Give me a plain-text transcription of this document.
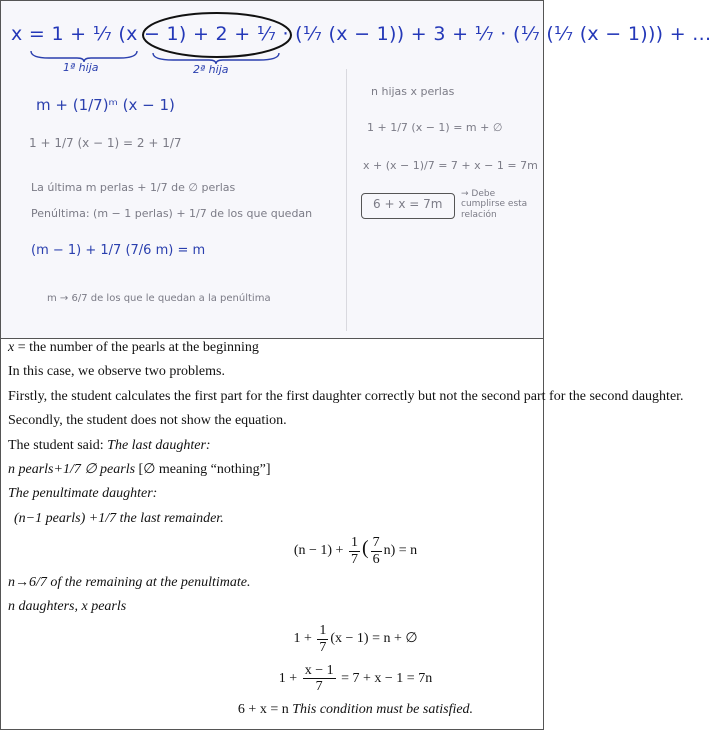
x = 1 + ¹⁄₇ (x − 1) + 2 + ¹⁄₇ · (¹⁄₇ (x − 1)) + 3 + ¹⁄₇ · (¹⁄₇ (¹⁄₇ (x − 1))) + ...
1ª hija	2ª hija
m + (1/7)ᵐ (x − 1)
1 + 1/7 (x − 1) = 2 + 1/7
La última m perlas + 1/7 de ∅ perlas
Penúltima: (m − 1 perlas) + 1/7 de los que quedan
(m − 1) + 1/7 (7/6 m) = m
m → 6/7 de los que le quedan a la penúltima
n hijas x perlas
1 + 1/7 (x − 1) = m + ∅
x + (x − 1)/7 = 7 + x − 1 = 7m
6 + x = 7m
→ Debe cumplirse esta relación

x = the number of the pearls at the beginning

In this case, we observe two problems.

Firstly, the student calculates the first part for the first daughter correctly but not the second part for the second daughter.

Secondly, the student does not show the equation.

The student said: The last daughter:

n pearls+1/7 ∅ pearls [∅ meaning “nothing”]

The penultimate daughter:

(n−1 pearls) +1/7 the last remainder.

$(n - 1) + \frac{1}{7}$ ( $\frac{7}{6} n) = n$

n→6/7 of the remaining at the penultimate.

n daughters, x pearls

$1 + \frac{1}{7} (x - 1) = n$ + ∅

$1 + \frac{x - 1}{7} = 7 + x - 1 = 7n$

6 + x = n This condition must be satisfied.
